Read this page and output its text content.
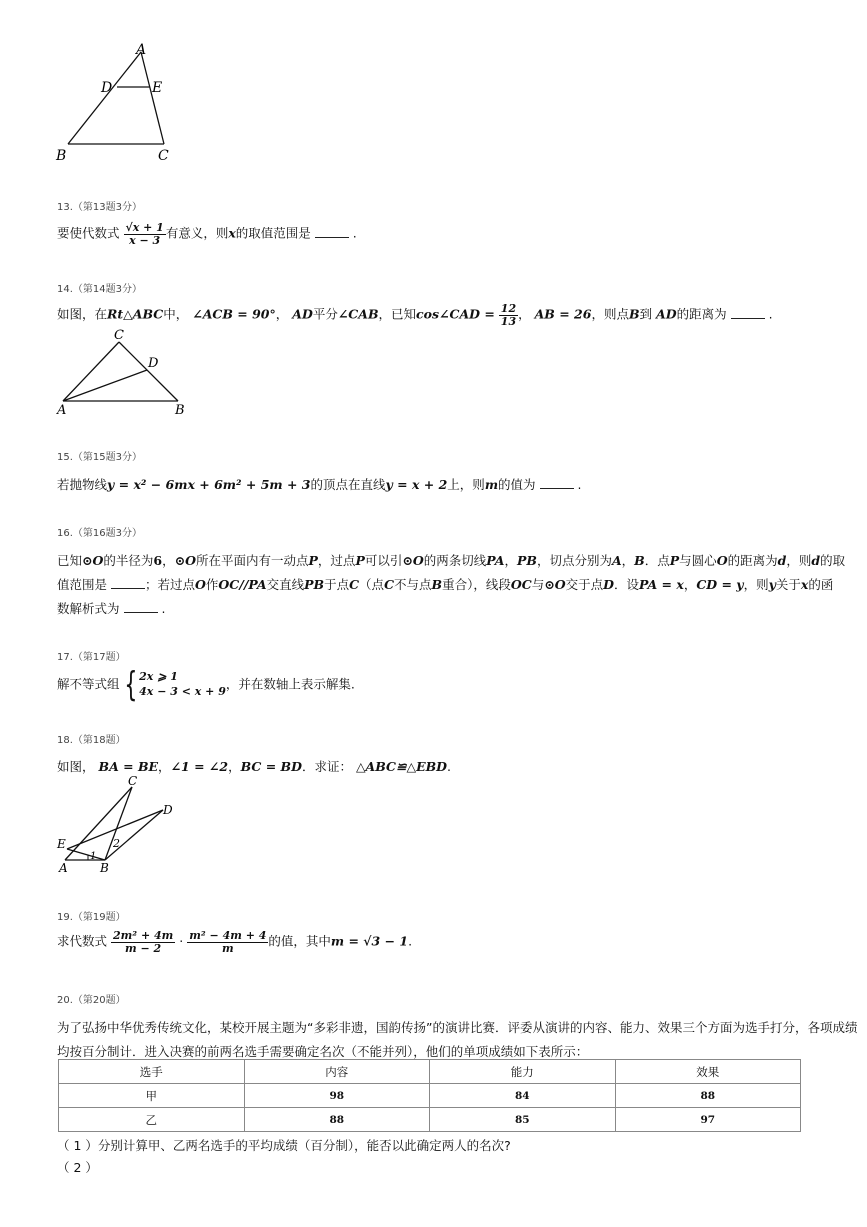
A
D	E
B	C
13.（第13题3分）
要使代数式 $\frac{√x + 1}{x - 3}$ 有意义，则x的取值范围是	.
14.（第14题3分）
如图，在Rt△ABC中， ∠ACB = 90°， AD平分∠CAB，已知cos∠CAD = $\frac{12}{13}$ ， AB = 26，则点B到 AD的距离为	.
C
D
A	B
15.（第15题3分）
若抛物线y = x² − 6mx + 6m² + 5m + 3的顶点在直线y = x + 2上，则m的值为	.
16.（第16题3分）
已知⊙O的半径为6，⊙O所在平面内有一动点P，过点P可以引⊙O的两条切线PA，PB，切点分别为A，B．点P与圆心O的距离为d，则d的取
值范围是	；若过点O作OC//PA交直线PB于点C（点C不与点B重合），线段OC与⊙O交于点D．设PA = x，CD = y，则y关于x的函
数解析式为	.
17.（第17题）
解不等式组 { 2x ⩾ 1
4x − 3 < x + 9 ，并在数轴上表示解集.
18.（第18题）
如图， BA = BE，∠1 = ∠2，BC = BD．求证： △ABC≌△EBD.
C
D
E
A	B
1
2
19.（第19题）
求代数式 $\frac{\text{2m² + 4m}}{m - 2} \cdot \frac{\text{m² − 4m + 4}}{m}$ 的值，其中m = √3 − 1.
20.（第20题）
为了弘扬中华优秀传统文化，某校开展主题为“多彩非遗，国韵传扬”的演讲比赛．评委从演讲的内容、能力、效果三个方面为选手打分，各项成绩
均按百分制计．进入决赛的前两名选手需要确定名次（不能并列），他们的单项成绩如下表所示：
选手	内容	能力	效果
甲	98	84	88
乙	88	85	97
（ 1 ）分别计算甲、乙两名选手的平均成绩（百分制），能否以此确定两人的名次?
（ 2 ）
